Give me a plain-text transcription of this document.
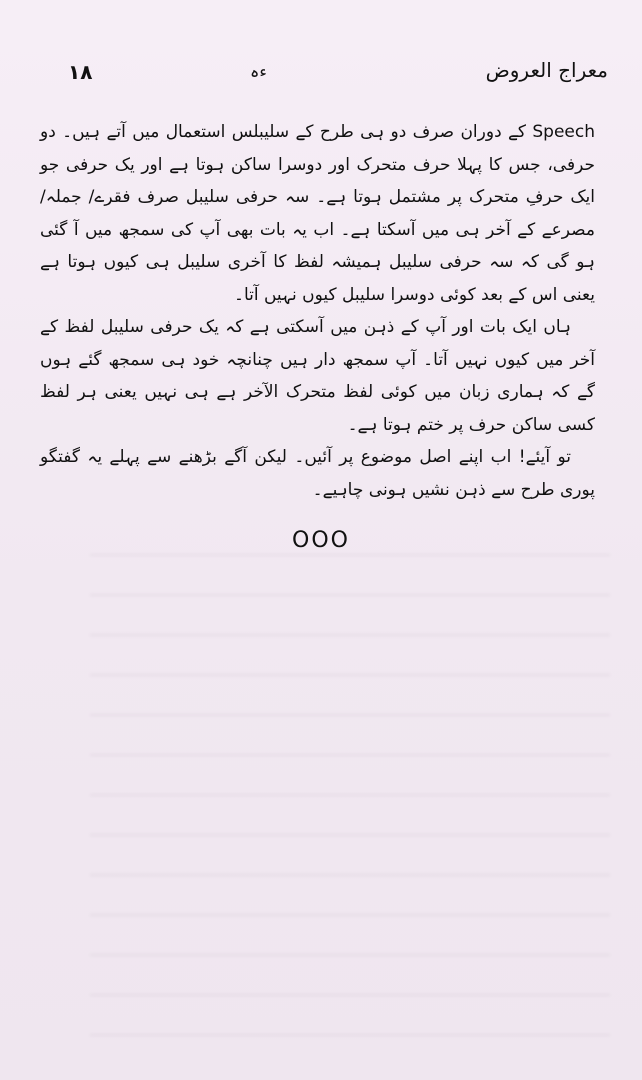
١٨	ءہ	معراج العروض

Speech کے دوران صرف دو ہی طرح کے سلیبلس استعمال میں آتے ہیں۔ دو حرفی، جس کا پہلا حرف متحرک اور دوسرا ساکن ہوتا ہے اور یک حرفی جو ایک حرفِ متحرک پر مشتمل ہوتا ہے۔ سہ حرفی سلیبل صرف فقرے/ جملہ/ مصرعے کے آخر ہی میں آسکتا ہے۔ اب یہ بات بھی آپ کی سمجھ میں آ گئی ہو گی کہ سہ حرفی سلیبل ہمیشہ لفظ کا آخری سلیبل ہی کیوں ہوتا ہے یعنی اس کے بعد کوئی دوسرا سلیبل کیوں نہیں آتا۔

ہاں ایک بات اور آپ کے ذہن میں آسکتی ہے کہ یک حرفی سلیبل لفظ کے آخر میں کیوں نہیں آتا۔ آپ سمجھ دار ہیں چنانچہ خود ہی سمجھ گئے ہوں گے کہ ہماری زبان میں کوئی لفظ متحرک الآخر ہے ہی نہیں یعنی ہر لفظ کسی ساکن حرف پر ختم ہوتا ہے۔

تو آیئے! اب اپنے اصل موضوع پر آئیں۔ لیکن آگے بڑھنے سے پہلے یہ گفتگو پوری طرح سے ذہن نشیں ہونی چاہیے۔

OOO
